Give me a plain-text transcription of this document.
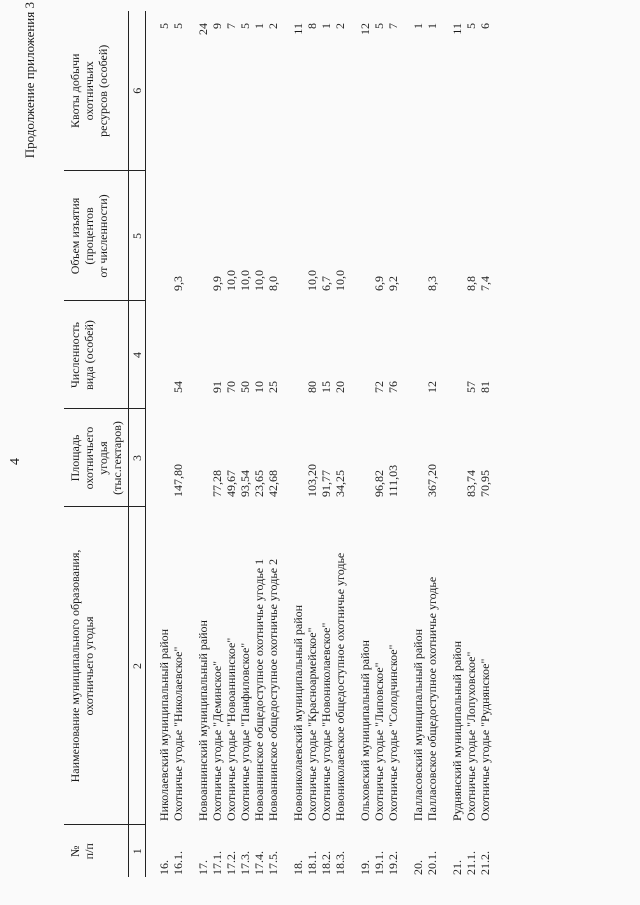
4
Продолжение приложения 3
№
п/п	Наименование муниципального образования,
охотничьего угодья	Площадь
охотничьего
угодья
(тыс.гектаров)	Численность
вида (особей)	Объем изъятия
(процентов
от численности)	Квоты добычи
охотничьих
ресурсов (особей)
1	2	3	4	5	6

16.	Николаевский муниципальный район				5
16.1.	Охотничье угодье "Николаевское"	147,80	54	9,3	5

17.	Новоаннинский муниципальный район				24
17.1.	Охотничье угодье "Деминское"	77,28	91	9,9	9
17.2.	Охотничье угодье "Новоаннинское"	49,67	70	10,0	7
17.3.	Охотничье угодье "Панфиловское"	93,54	50	10,0	5
17.4.	Новоаннинское общедоступное охотничье угодье 1	23,65	10	10,0	1
17.5.	Новоаннинское общедоступное охотничье угодье 2	42,68	25	8,0	2

18.	Новониколаевский муниципальный район				11
18.1.	Охотничье угодье "Красноармейское"	103,20	80	10,0	8
18.2.	Охотничье угодье "Новониколаевское"	91,77	15	6,7	1
18.3.	Новониколаевское общедоступное охотничье угодье	34,25	20	10,0	2

19.	Ольховский муниципальный район				12
19.1.	Охотничье угодье "Липовское"	96,82	72	6,9	5
19.2.	Охотничье угодье "Солодчинское"	111,03	76	9,2	7

20.	Палласовский муниципальный район				1
20.1.	Палласовское общедоступное охотничье угодье	367,20	12	8,3	1

21.	Руднянский муниципальный район				11
21.1.	Охотничье угодье "Лопуховское"	83,74	57	8,8	5
21.2.	Охотничье угодье "Руднянское"	70,95	81	7,4	6
